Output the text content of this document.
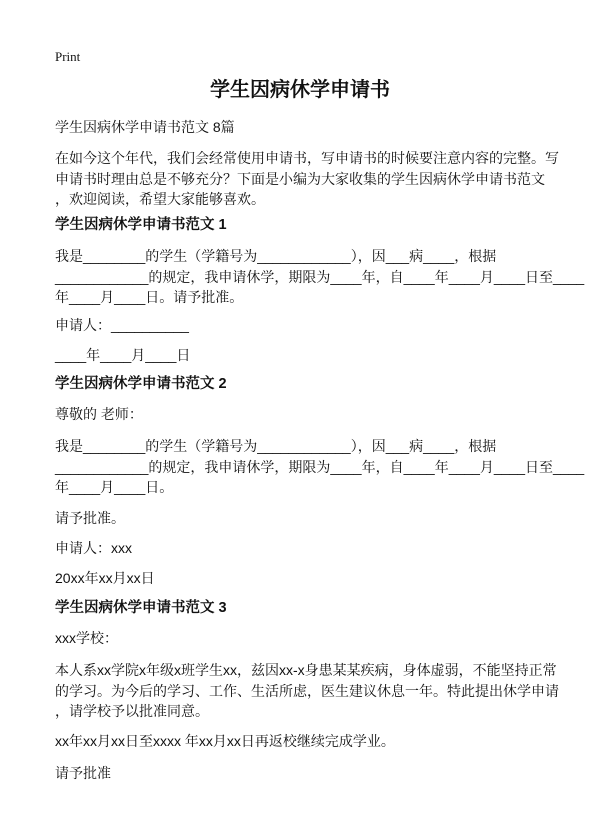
Print
学生因病休学申请书
学生因病休学申请书范文 8篇
在如今这个年代，我们会经常使用申请书，写申请书的时候要注意内容的完整。写
申请书时理由总是不够充分？下面是小编为大家收集的学生因病休学申请书范文
，欢迎阅读，希望大家能够喜欢。
学生因病休学申请书范文 1
我是________的学生（学籍号为____________），因___病____，根据
____________的规定，我申请休学，期限为____年，自____年____月____日至____
年____月____日。请予批准。
申请人：__________
____年____月____日
学生因病休学申请书范文 2
尊敬的 老师：
我是________的学生（学籍号为____________），因___病____，根据
____________的规定，我申请休学，期限为____年，自____年____月____日至____
年____月____日。
请予批准。
申请人：xxx
20xx年xx月xx日
学生因病休学申请书范文 3
xxx学校：
本人系xx学院x年级x班学生xx，兹因xx-x身患某某疾病，身体虚弱，不能坚持正常
的学习。为今后的学习、工作、生活所虑，医生建议休息一年。特此提出休学申请
，请学校予以批准同意。
xx年xx月xx日至xxxx 年xx月xx日再返校继续完成学业。
请予批准
